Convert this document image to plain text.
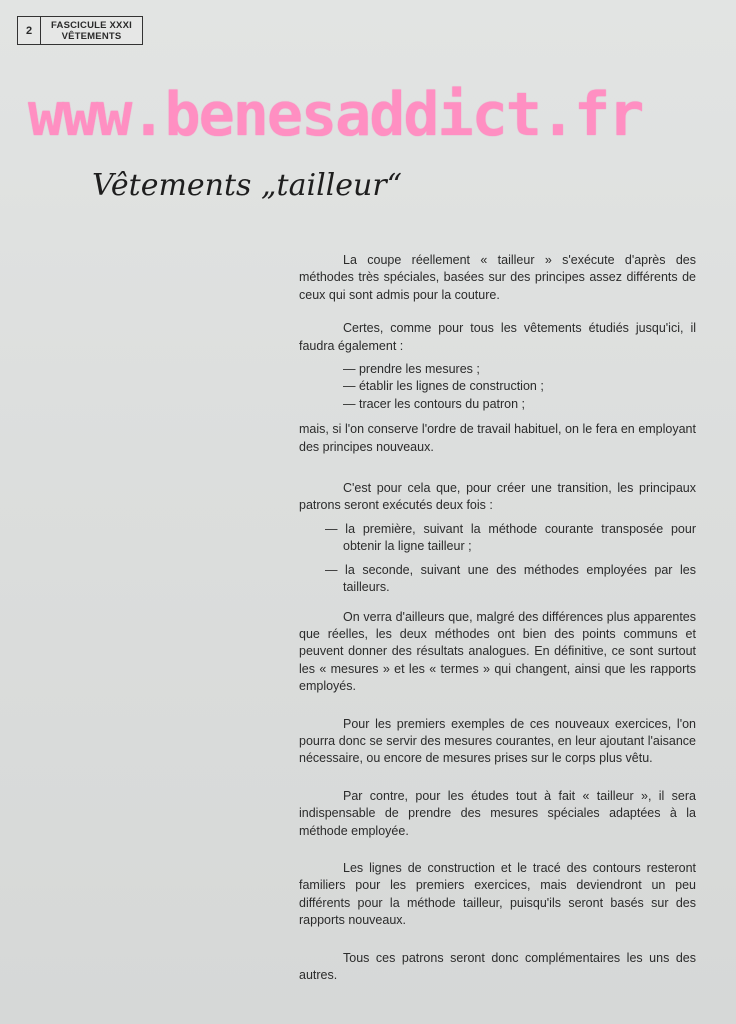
2	FASCICULE XXXI
VÊTEMENTS
www.benesaddict.fr
Vêtements „tailleur“

La coupe réellement « tailleur » s'exécute d'après des méthodes très spéciales, basées sur des principes assez différents de ceux qui sont admis pour la couture.

Certes, comme pour tous les vêtements étudiés jusqu'ici, il faudra également :

— prendre les mesures ;
— établir les lignes de construction ;
— tracer les contours du patron ;

mais, si l'on conserve l'ordre de travail habituel, on le fera en employant des principes nouveaux.

C'est pour cela que, pour créer une transition, les principaux patrons seront exécutés deux fois :

— la première, suivant la méthode courante transposée pour obtenir la ligne tailleur ;
— la seconde, suivant une des méthodes employées par les tailleurs.

On verra d'ailleurs que, malgré des différences plus apparentes que réelles, les deux méthodes ont bien des points communs et peuvent donner des résultats analogues. En définitive, ce sont surtout les « mesures » et les « termes » qui changent, ainsi que les rapports employés.

Pour les premiers exemples de ces nouveaux exercices, l'on pourra donc se servir des mesures courantes, en leur ajoutant l'aisance nécessaire, ou encore de mesures prises sur le corps plus vêtu.

Par contre, pour les études tout à fait « tailleur », il sera indispensable de prendre des mesures spéciales adaptées à la méthode employée.

Les lignes de construction et le tracé des contours resteront familiers pour les premiers exercices, mais deviendront un peu différents pour la méthode tailleur, puisqu'ils seront basés sur des rapports nouveaux.

Tous ces patrons seront donc complémentaires les uns des autres.
